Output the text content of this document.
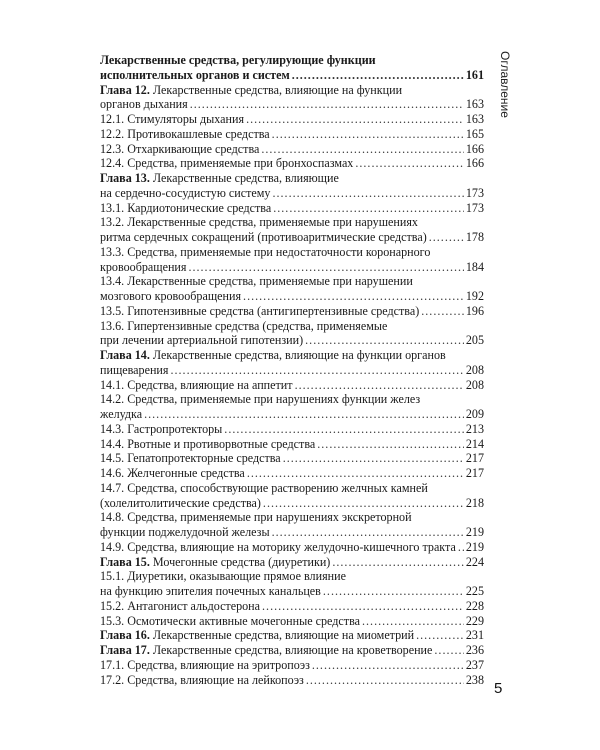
Оглавление
Лекарственные средства, регулирующие функции
исполнительных органов и систем .....	161
Глава 12. Лекарственные средства, влияющие на функции
органов дыхания .....	163
12.1. Стимуляторы дыхания .....	163
12.2. Противокашлевые средства .....	165
12.3. Отхаркивающие средства .....	166
12.4. Средства, применяемые при бронхоспазмах .....	166
Глава 13. Лекарственные средства, влияющие
на сердечно-сосудистую систему .....	173
13.1. Кардиотонические средства .....	173
13.2. Лекарственные средства, применяемые при нарушениях
ритма сердечных сокращений (противоаритмические средства) .....	178
13.3. Средства, применяемые при недостаточности коронарного
кровообращения .....	184
13.4. Лекарственные средства, применяемые при нарушении
мозгового кровообращения .....	192
13.5. Гипотензивные средства (антигипертензивные средства) .....	196
13.6. Гипертензивные средства (средства, применяемые
при лечении артериальной гипотензии) .....	205
Глава 14. Лекарственные средства, влияющие на функции органов
пищеварения .....	208
14.1. Средства, влияющие на аппетит .....	208
14.2. Средства, применяемые при нарушениях функции желез
желудка .....	209
14.3. Гастропротекторы .....	213
14.4. Рвотные и противорвотные средства .....	214
14.5. Гепатопротекторные средства .....	217
14.6. Желчегонные средства .....	217
14.7. Средства, способствующие растворению желчных камней
(холелитолитические средства) .....	218
14.8. Средства, применяемые при нарушениях экскреторной
функции поджелудочной железы .....	219
14.9. Средства, влияющие на моторику желудочно-кишечного тракта ..... 219
Глава 15. Мочегонные средства (диуретики) .....	224
15.1. Диуретики, оказывающие прямое влияние
на функцию эпителия почечных канальцев .....	225
15.2. Антагонист альдостерона .....	228
15.3. Осмотически активные мочегонные средства .....	229
Глава 16. Лекарственные средства, влияющие на миометрий .....	231
Глава 17. Лекарственные средства, влияющие на кроветворение .....	236
17.1. Средства, влияющие на эритропоэз .....	237
17.2. Средства, влияющие на лейкопоэз .....	238
5
